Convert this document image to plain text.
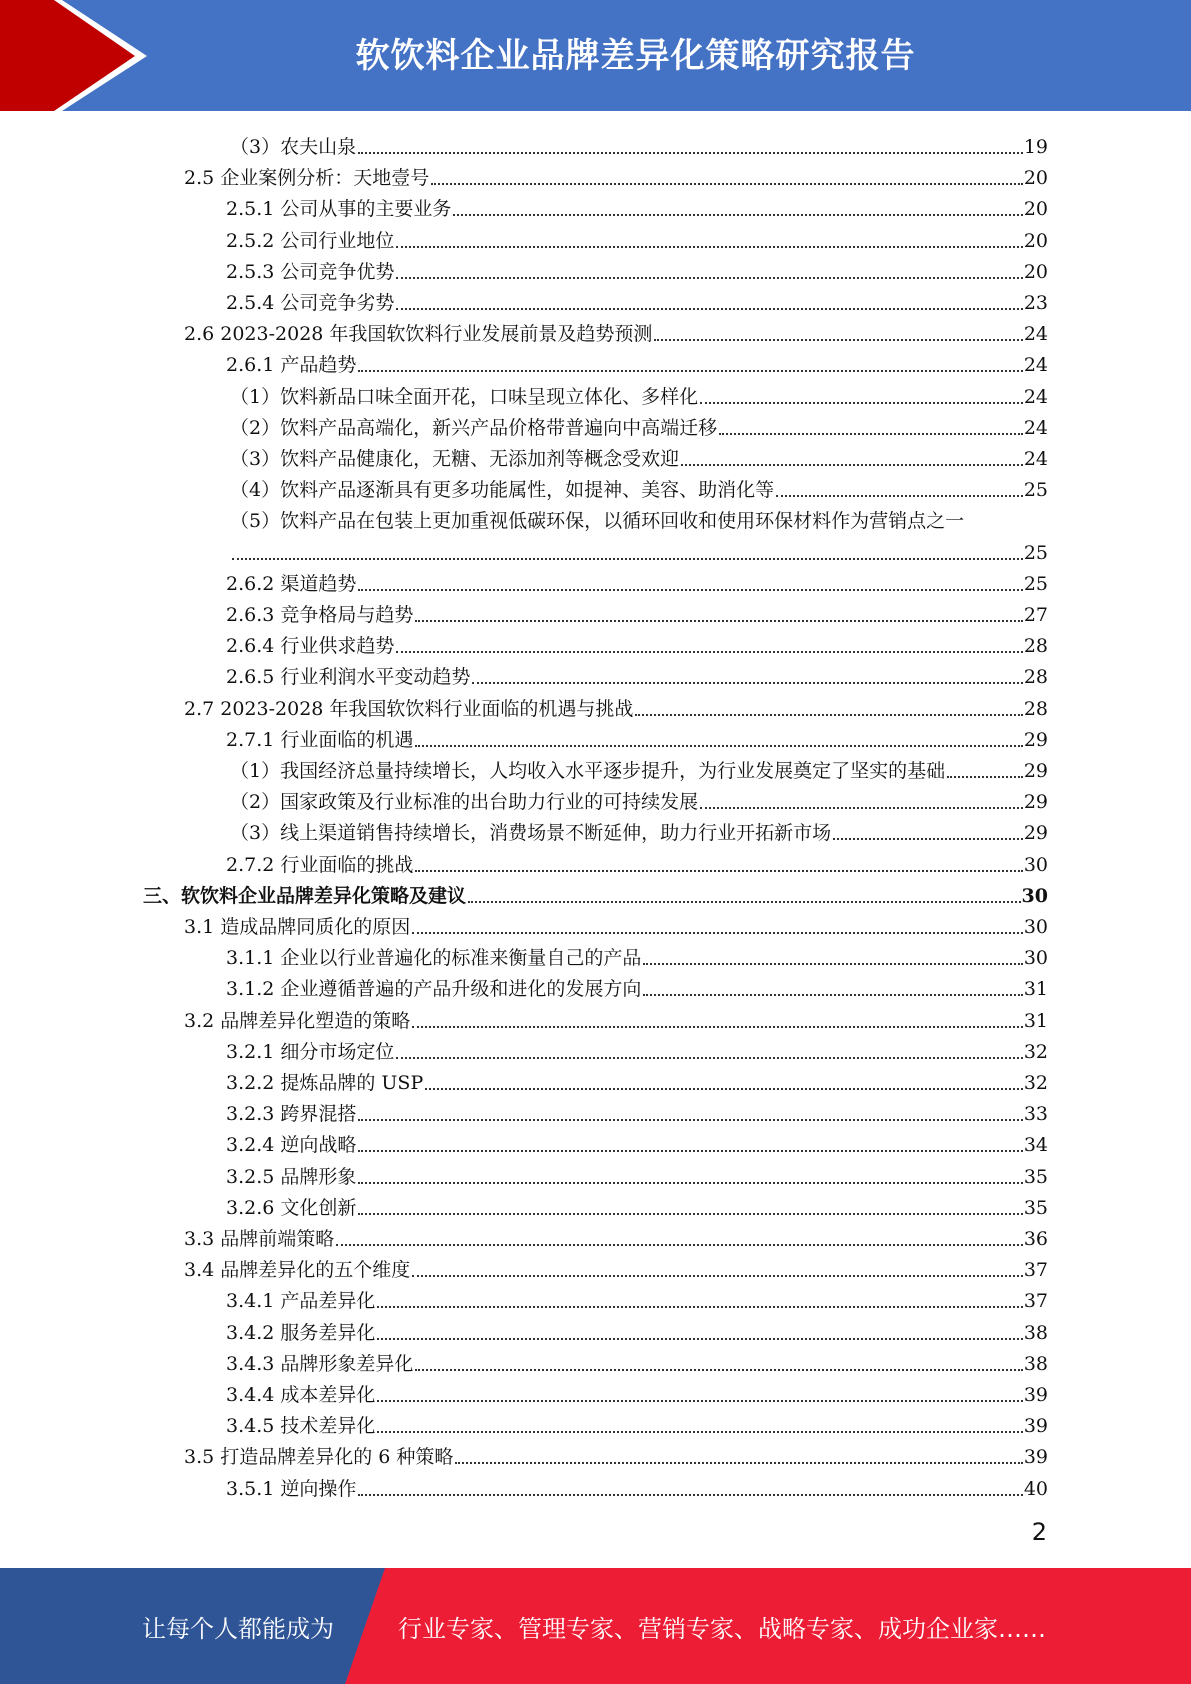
软饮料企业品牌差异化策略研究报告
（3）农夫山泉	19
2.5 企业案例分析：天地壹号	20
2.5.1 公司从事的主要业务	20
2.5.2 公司行业地位	20
2.5.3 公司竞争优势	20
2.5.4 公司竞争劣势	23
2.6 2023-2028 年我国软饮料行业发展前景及趋势预测	24
2.6.1 产品趋势	24
（1）饮料新品口味全面开花，口味呈现立体化、多样化	24
（2）饮料产品高端化，新兴产品价格带普遍向中高端迁移	24
（3）饮料产品健康化，无糖、无添加剂等概念受欢迎	24
（4）饮料产品逐渐具有更多功能属性，如提神、美容、助消化等	25
（5）饮料产品在包装上更加重视低碳环保，以循环回收和使用环保材料作为营销点之一
25
2.6.2 渠道趋势	25
2.6.3 竞争格局与趋势	27
2.6.4 行业供求趋势	28
2.6.5 行业利润水平变动趋势	28
2.7 2023-2028 年我国软饮料行业面临的机遇与挑战	28
2.7.1 行业面临的机遇	29
（1）我国经济总量持续增长，人均收入水平逐步提升，为行业发展奠定了坚实的基础	29
（2）国家政策及行业标准的出台助力行业的可持续发展	29
（3）线上渠道销售持续增长，消费场景不断延伸，助力行业开拓新市场	29
2.7.2 行业面临的挑战	30
三、软饮料企业品牌差异化策略及建议	30
3.1 造成品牌同质化的原因	30
3.1.1 企业以行业普遍化的标准来衡量自己的产品	30
3.1.2 企业遵循普遍的产品升级和进化的发展方向	31
3.2 品牌差异化塑造的策略	31
3.2.1 细分市场定位	32
3.2.2 提炼品牌的 USP	32
3.2.3 跨界混搭	33
3.2.4 逆向战略	34
3.2.5 品牌形象	35
3.2.6 文化创新	35
3.3 品牌前端策略	36
3.4 品牌差异化的五个维度	37
3.4.1 产品差异化	37
3.4.2 服务差异化	38
3.4.3 品牌形象差异化	38
3.4.4 成本差异化	39
3.4.5 技术差异化	39
3.5 打造品牌差异化的 6 种策略	39
3.5.1 逆向操作	40
2
让每个人都能成为	行业专家、管理专家、营销专家、战略专家、成功企业家……
